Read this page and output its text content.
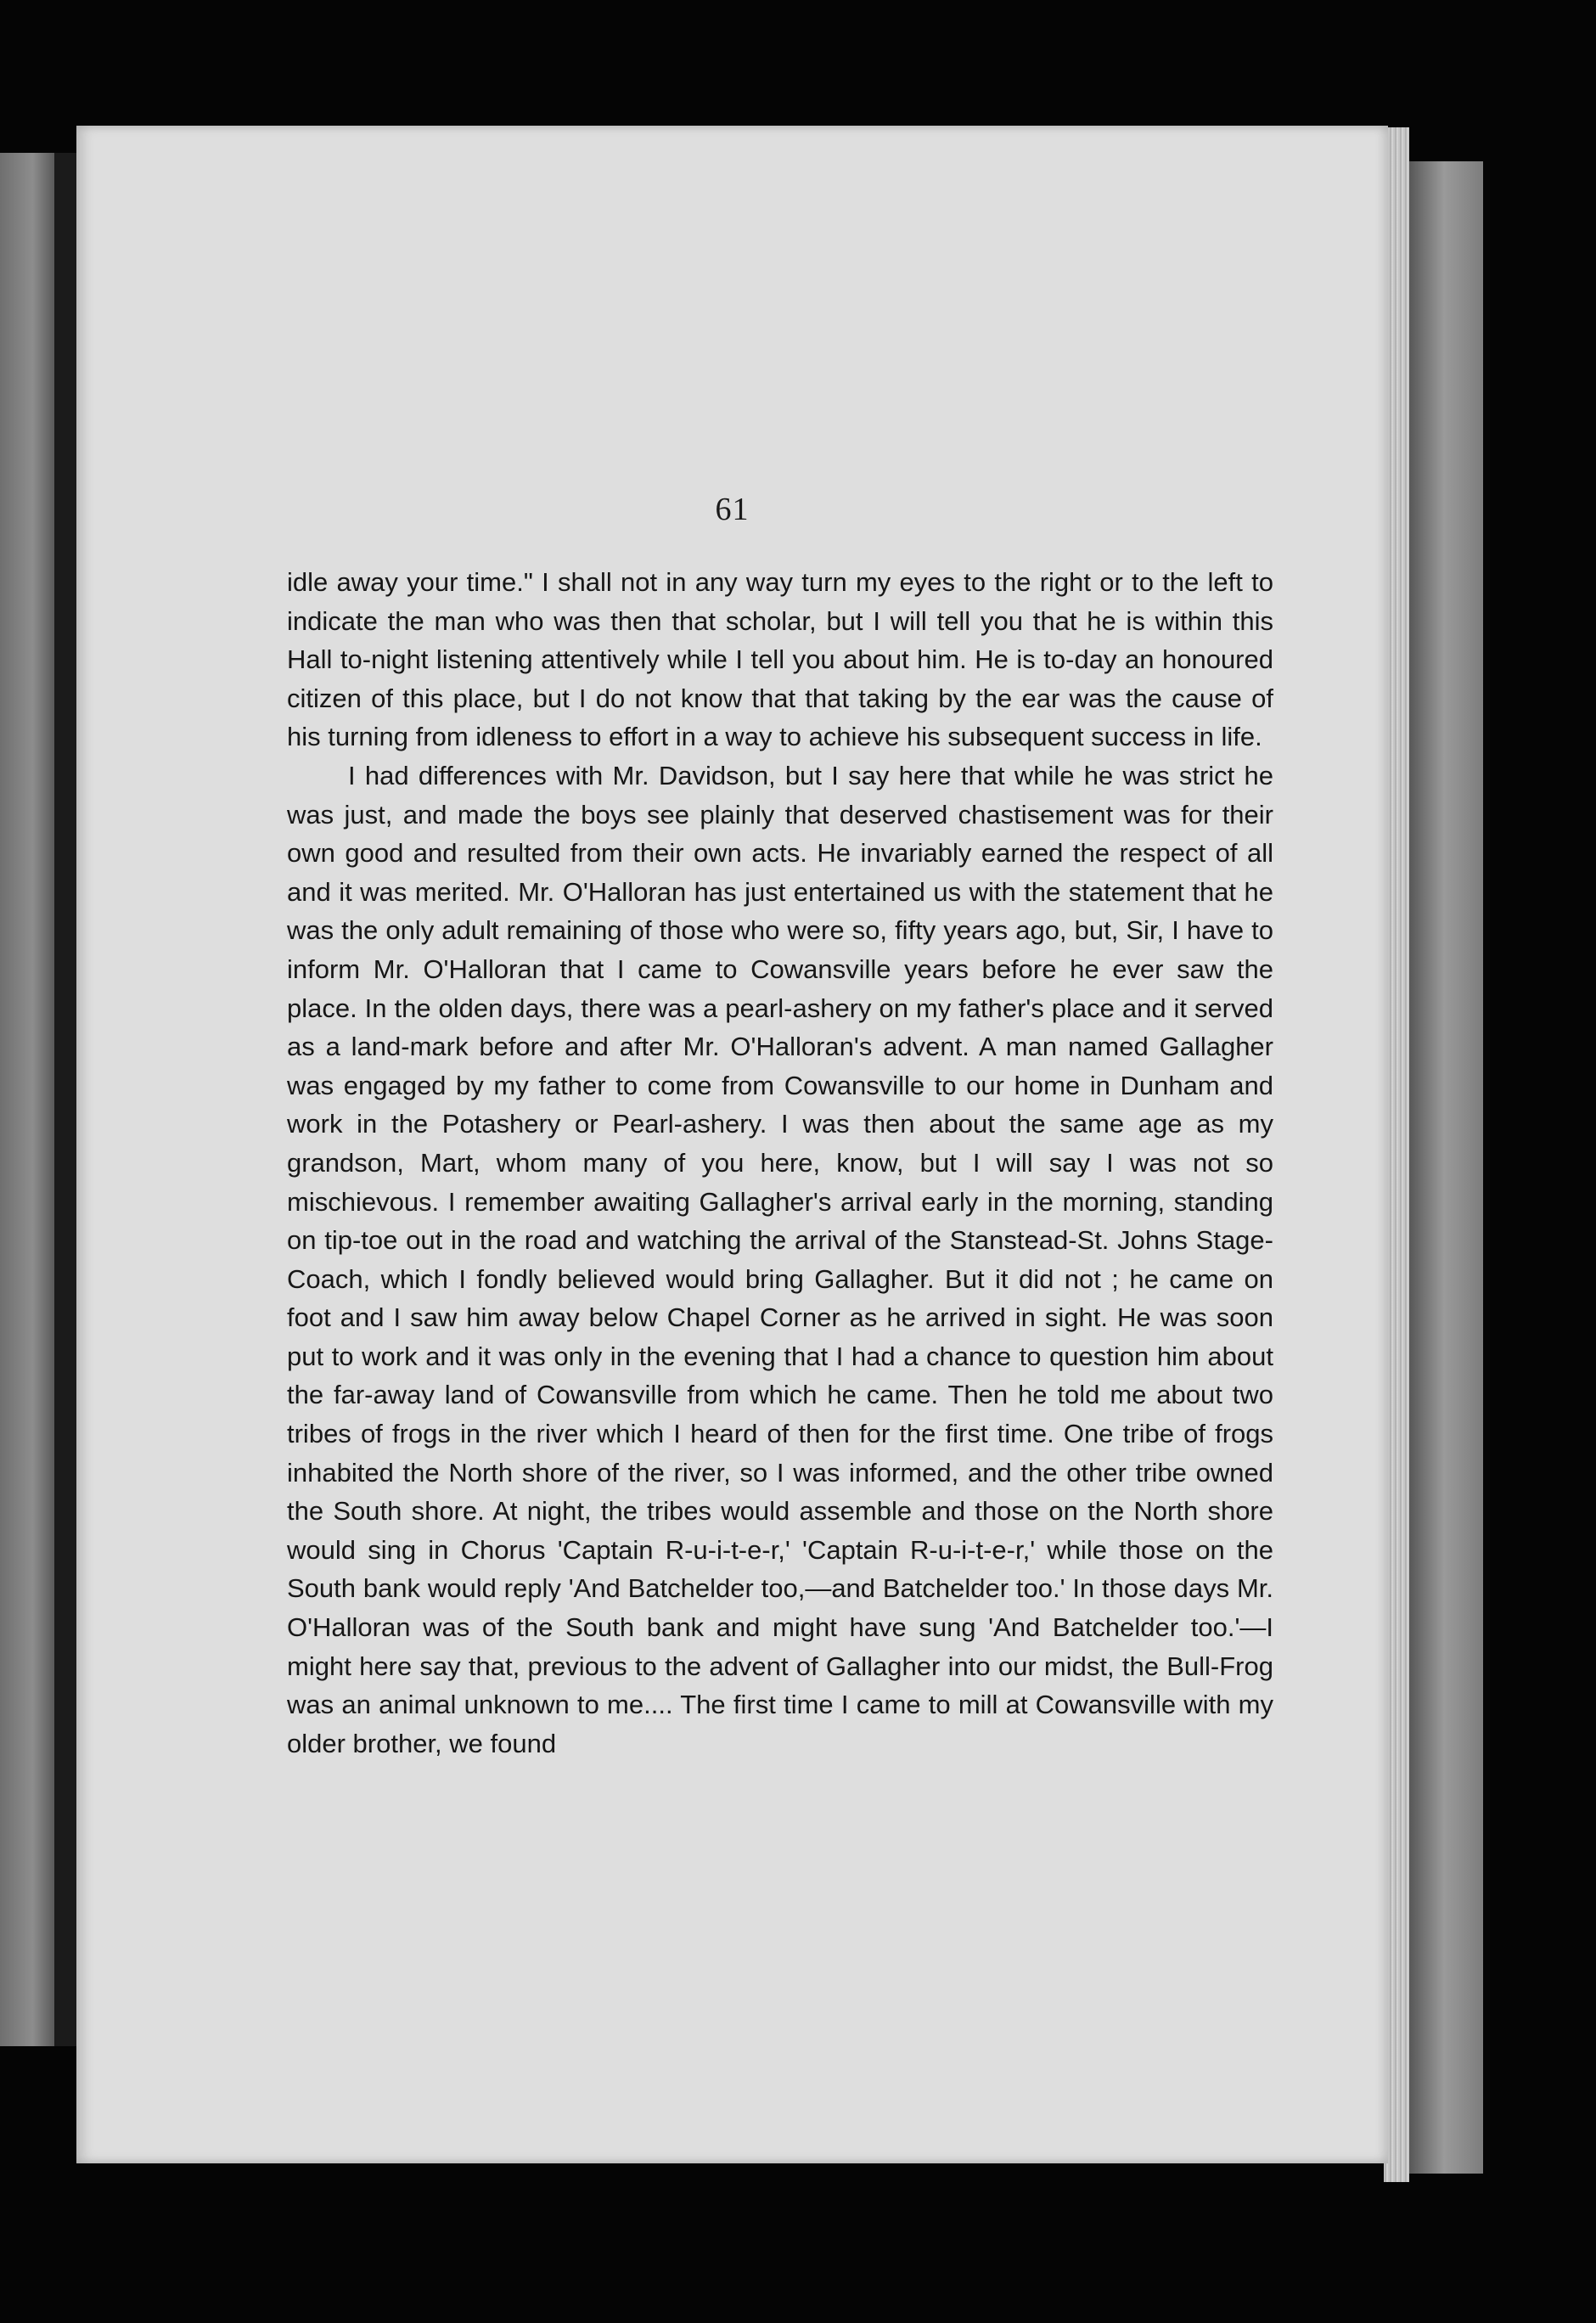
61

idle away your time." I shall not in any way turn my eyes to the right or to the left to indicate the man who was then that scholar, but I will tell you that he is within this Hall to-night listening attentively while I tell you about him. He is to-day an honoured citizen of this place, but I do not know that that taking by the ear was the cause of his turning from idleness to effort in a way to achieve his subsequent success in life.

I had differences with Mr. Davidson, but I say here that while he was strict he was just, and made the boys see plainly that deserved chastisement was for their own good and resulted from their own acts. He invariably earned the respect of all and it was merited. Mr. O'Halloran has just entertained us with the statement that he was the only adult remaining of those who were so, fifty years ago, but, Sir, I have to inform Mr. O'Halloran that I came to Cowansville years before he ever saw the place. In the olden days, there was a pearl-ashery on my father's place and it served as a land-mark before and after Mr. O'Halloran's advent. A man named Gallagher was engaged by my father to come from Cowansville to our home in Dunham and work in the Potashery or Pearl-ashery. I was then about the same age as my grandson, Mart, whom many of you here, know, but I will say I was not so mischievous. I remember awaiting Gallagher's arrival early in the morning, standing on tip-toe out in the road and watching the arrival of the Stanstead-St. Johns Stage-Coach, which I fondly believed would bring Gallagher. But it did not ; he came on foot and I saw him away below Chapel Corner as he arrived in sight. He was soon put to work and it was only in the evening that I had a chance to question him about the far-away land of Cowansville from which he came. Then he told me about two tribes of frogs in the river which I heard of then for the first time. One tribe of frogs inhabited the North shore of the river, so I was informed, and the other tribe owned the South shore. At night, the tribes would assemble and those on the North shore would sing in Chorus 'Captain R-u-i-t-e-r,' 'Captain R-u-i-t-e-r,' while those on the South bank would reply 'And Batchelder too,—and Batchelder too.' In those days Mr. O'Halloran was of the South bank and might have sung 'And Batchelder too.'—I might here say that, previous to the advent of Gallagher into our midst, the Bull-Frog was an animal unknown to me.... The first time I came to mill at Cowansville with my older brother, we found
